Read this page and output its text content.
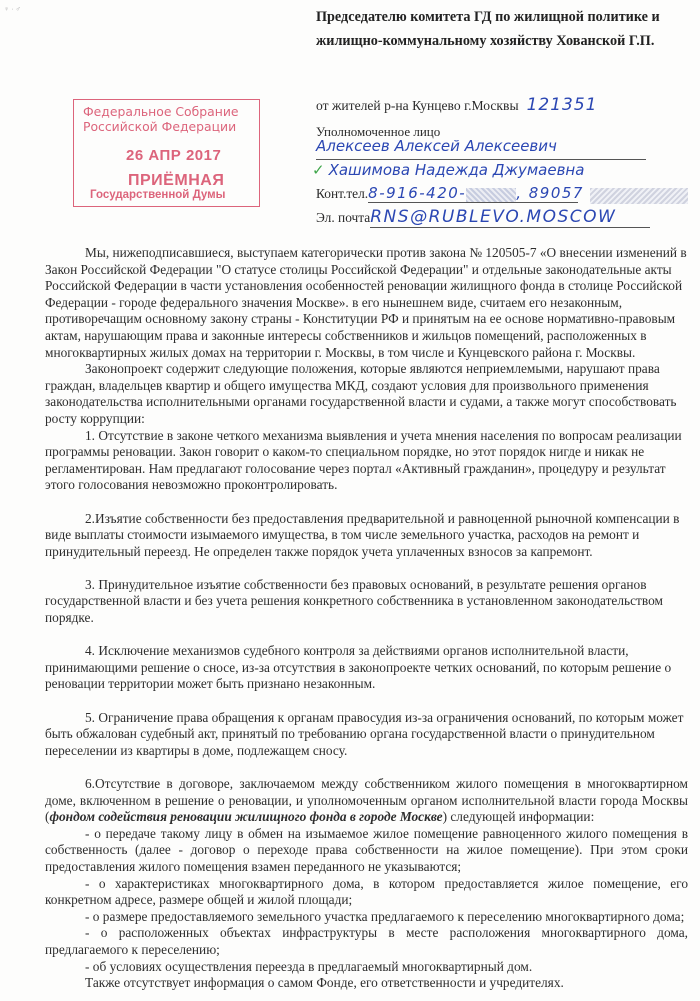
♀ · ♂	Председателю комитета ГД по жилищной политике и жилищно-коммунальному хозяйству Хованской Г.П.
от жителей р-на Кунцево г.Москвы 121351
Федеральное Собрание
Российской Федерации
26 АПР 2017
ПРИЁМНАЯ
Государственной Думы
Уполномоченное лицо
Алексеев Алексей Алексеевич
✓ Хашимова Надежда Джумаевна
Конт.тел.8-916-420-	, 89057
Эл. почтаRNS@RUBLEVO.MOSCOW

Мы, нижеподписавшиеся, выступаем категорически против закона № 120505-7 «О внесении изменений в Закон Российской Федерации "О статусе столицы Российской Федерации" и отдельные законодательные акты Российской Федерации в части установления особенностей реновации жилищного фонда в столице Российской Федерации - городе федерального значения Москве». в его нынешнем виде, считаем его незаконным, противоречащим основному закону страны - Конституции РФ и принятым на ее основе нормативно-правовым актам, нарушающим права и законные интересы собственников и жильцов помещений, расположенных в многоквартирных жилых домах на территории г. Москвы, в том числе и Кунцевского района г. Москвы.

Законопроект содержит следующие положения, которые являются неприемлемыми, нарушают права граждан, владельцев квартир и общего имущества МКД, создают условия для произвольного применения законодательства исполнительными органами государственной власти и судами, а также могут способствовать росту коррупции:

1. Отсутствие в законе четкого механизма выявления и учета мнения населения по вопросам реализации программы реновации. Закон говорит о каком-то специальном порядке, но этот порядок нигде и никак не регламентирован. Нам предлагают голосование через портал «Активный гражданин», процедуру и результат этого голосования невозможно проконтролировать.

2.Изъятие собственности без предоставления предварительной и равноценной рыночной компенсации в виде выплаты стоимости изымаемого имущества, в том числе земельного участка, расходов на ремонт и принудительный переезд. Не определен также порядок учета уплаченных взносов за капремонт.

3. Принудительное изъятие собственности без правовых оснований, в результате решения органов государственной власти и без учета решения конкретного собственника в установленном законодательством порядке.

4. Исключение механизмов судебного контроля за действиями органов исполнительной власти, принимающими решение о сносе, из-за отсутствия в законопроекте четких оснований, по которым решение о реновации территории может быть признано незаконным.

5. Ограничение права обращения к органам правосудия из-за ограничения оснований, по которым может быть обжалован судебный акт, принятый по требованию органа государственной власти о принудительном переселении из квартиры в доме, подлежащем сносу.

6.Отсутствие в договоре, заключаемом между собственником жилого помещения в многоквартирном доме, включенном в решение о реновации, и уполномоченным органом исполнительной власти города Москвы (фондом содействия реновации жилищного фонда в городе Москве) следующей информации:

- о передаче такому лицу в обмен на изымаемое жилое помещение равноценного жилого помещения в собственность (далее - договор о переходе права собственности на жилое помещение). При этом сроки предоставления жилого помещения взамен переданного не указываются;

- о характеристиках многоквартирного дома, в котором предоставляется жилое помещение, его конкретном адресе, размере общей и жилой площади;

- о размере предоставляемого земельного участка предлагаемого к переселению многоквартирного дома;

- о расположенных объектах инфраструктуры в месте расположения многоквартирного дома, предлагаемого к переселению;

- об условиях осуществления переезда в предлагаемый многоквартирный дом.

Также отсутствует информация о самом Фонде, его ответственности и учредителях.
